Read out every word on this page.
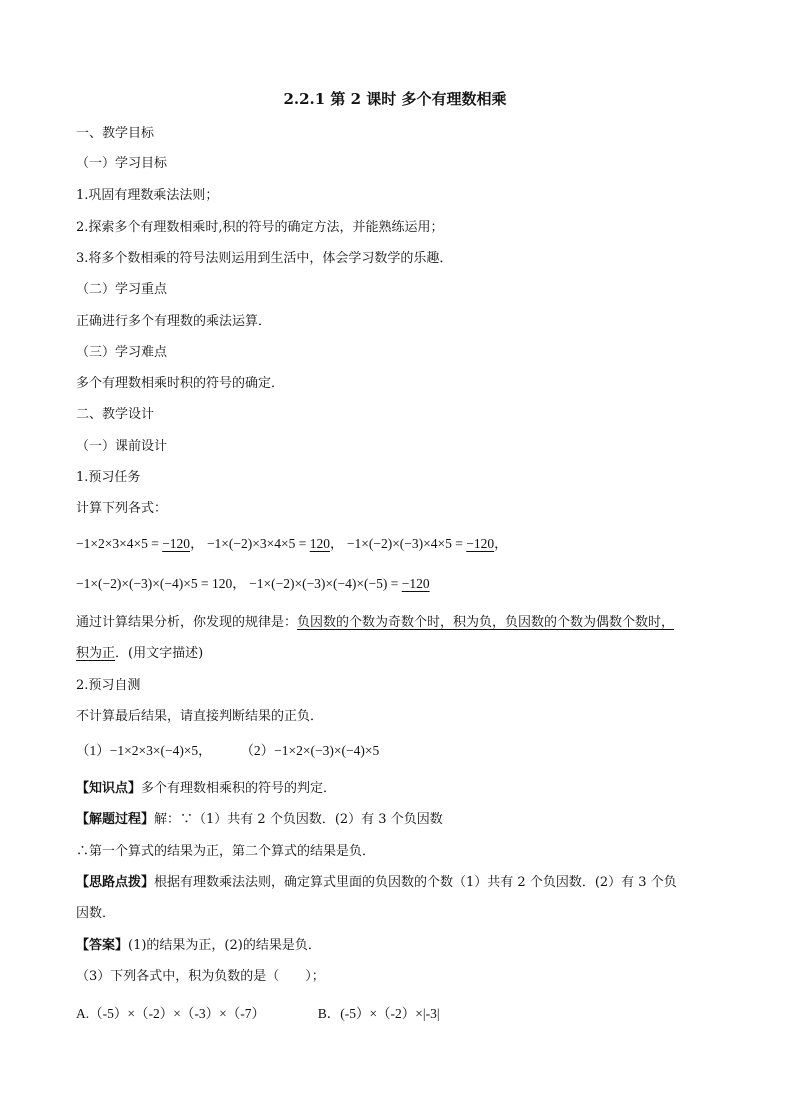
2.2.1 第 2 课时 多个有理数相乘
一、教学目标
（一）学习目标
1.巩固有理数乘法法则；
2.探索多个有理数相乘时,积的符号的确定方法，并能熟练运用；
3.将多个数相乘的符号法则运用到生活中，体会学习数学的乐趣．
（二）学习重点
正确进行多个有理数的乘法运算．
（三）学习难点
多个有理数相乘时积的符号的确定．
二、教学设计
（一）课前设计
1.预习任务
计算下列各式：
−1×2×3×4×5 = −120， −1×(−2)×3×4×5 = 120， −1×(−2)×(−3)×4×5 = −120，
−1×(−2)×(−3)×(−4)×5 = 120， −1×(−2)×(−3)×(−4)×(−5) = −120
通过计算结果分析，你发现的规律是：负因数的个数为奇数个时，积为负，负因数的个数为偶数个数时，
积为正．(用文字描述)
2.预习自测
不计算最后结果，请直接判断结果的正负．
（1）−1×2×3×(−4)×5， （2）−1×2×(−3)×(−4)×5
【知识点】多个有理数相乘积的符号的判定．
【解题过程】解：∵（1）共有 2 个负因数．(2）有 3 个负因数
∴第一个算式的结果为正，第二个算式的结果是负．
【思路点拨】根据有理数乘法法则，确定算式里面的负因数的个数（1）共有 2 个负因数．(2）有 3 个负
因数．
【答案】(1)的结果为正，(2)的结果是负．
（3）下列各式中，积为负数的是（　　）；
A.（-5）×（-2）×（-3）×（-7）	B．(-5）×（-2）×|-3|
